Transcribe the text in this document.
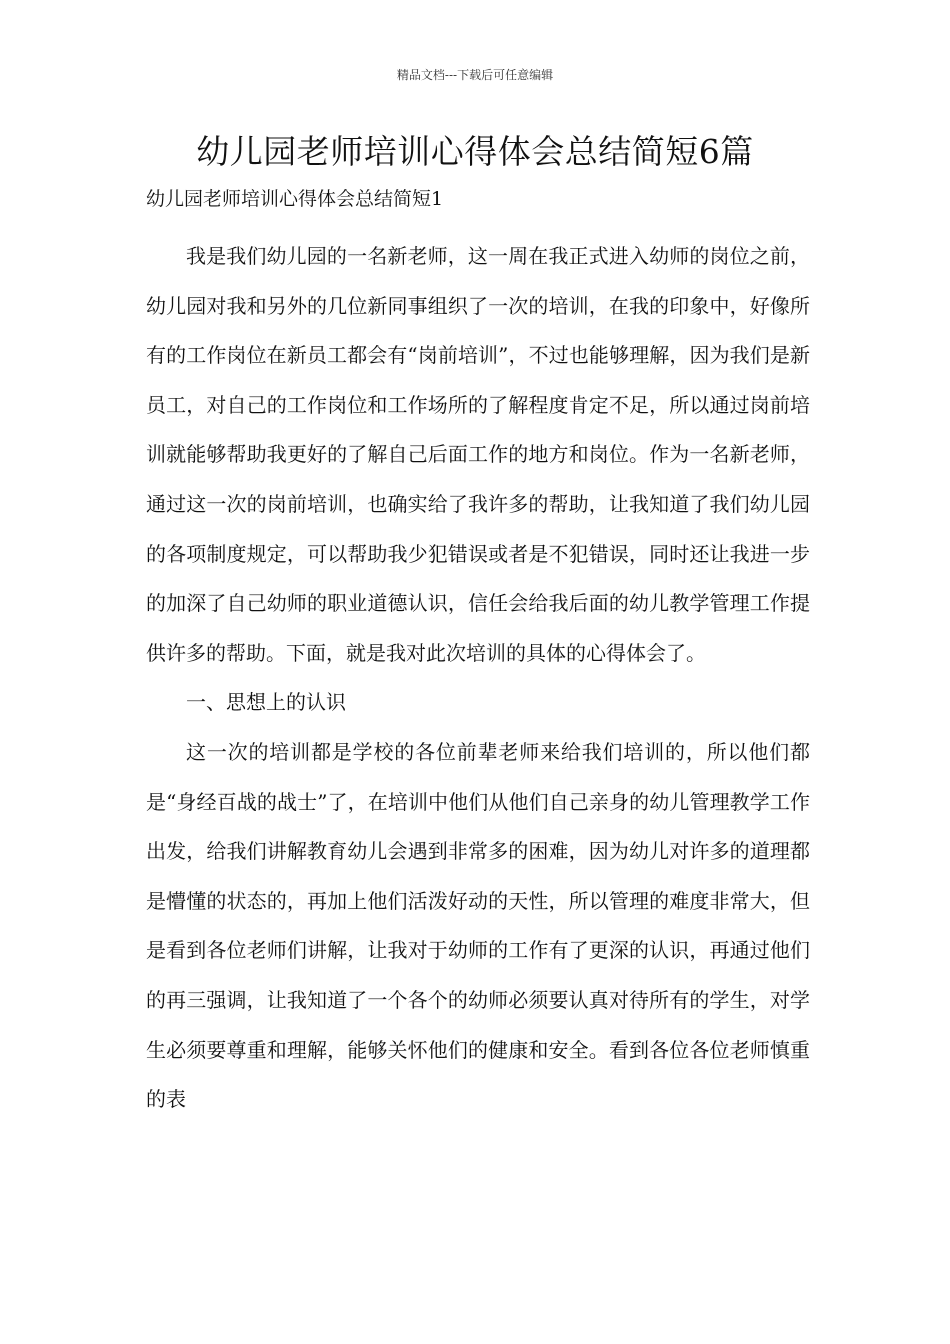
精品文档---下载后可任意编辑
幼儿园老师培训心得体会总结简短6篇
幼儿园老师培训心得体会总结简短1

我是我们幼儿园的一名新老师，这一周在我正式进入幼师的岗位之前，幼儿园对我和另外的几位新同事组织了一次的培训，在我的印象中，好像所有的工作岗位在新员工都会有“岗前培训”，不过也能够理解，因为我们是新员工，对自己的工作岗位和工作场所的了解程度肯定不足，所以通过岗前培训就能够帮助我更好的了解自己后面工作的地方和岗位。作为一名新老师，通过这一次的岗前培训，也确实给了我许多的帮助，让我知道了我们幼儿园的各项制度规定，可以帮助我少犯错误或者是不犯错误，同时还让我进一步的加深了自己幼师的职业道德认识，信任会给我后面的幼儿教学管理工作提供许多的帮助。下面，就是我对此次培训的具体的心得体会了。

一、思想上的认识

这一次的培训都是学校的各位前辈老师来给我们培训的，所以他们都是“身经百战的战士”了，在培训中他们从他们自己亲身的幼儿管理教学工作出发，给我们讲解教育幼儿会遇到非常多的困难，因为幼儿对许多的道理都是懵懂的状态的，再加上他们活泼好动的天性，所以管理的难度非常大，但是看到各位老师们讲解，让我对于幼师的工作有了更深的认识，再通过他们的再三强调，让我知道了一个各个的幼师必须要认真对待所有的学生，对学生必须要尊重和理解，能够关怀他们的健康和安全。看到各位各位老师慎重的表
